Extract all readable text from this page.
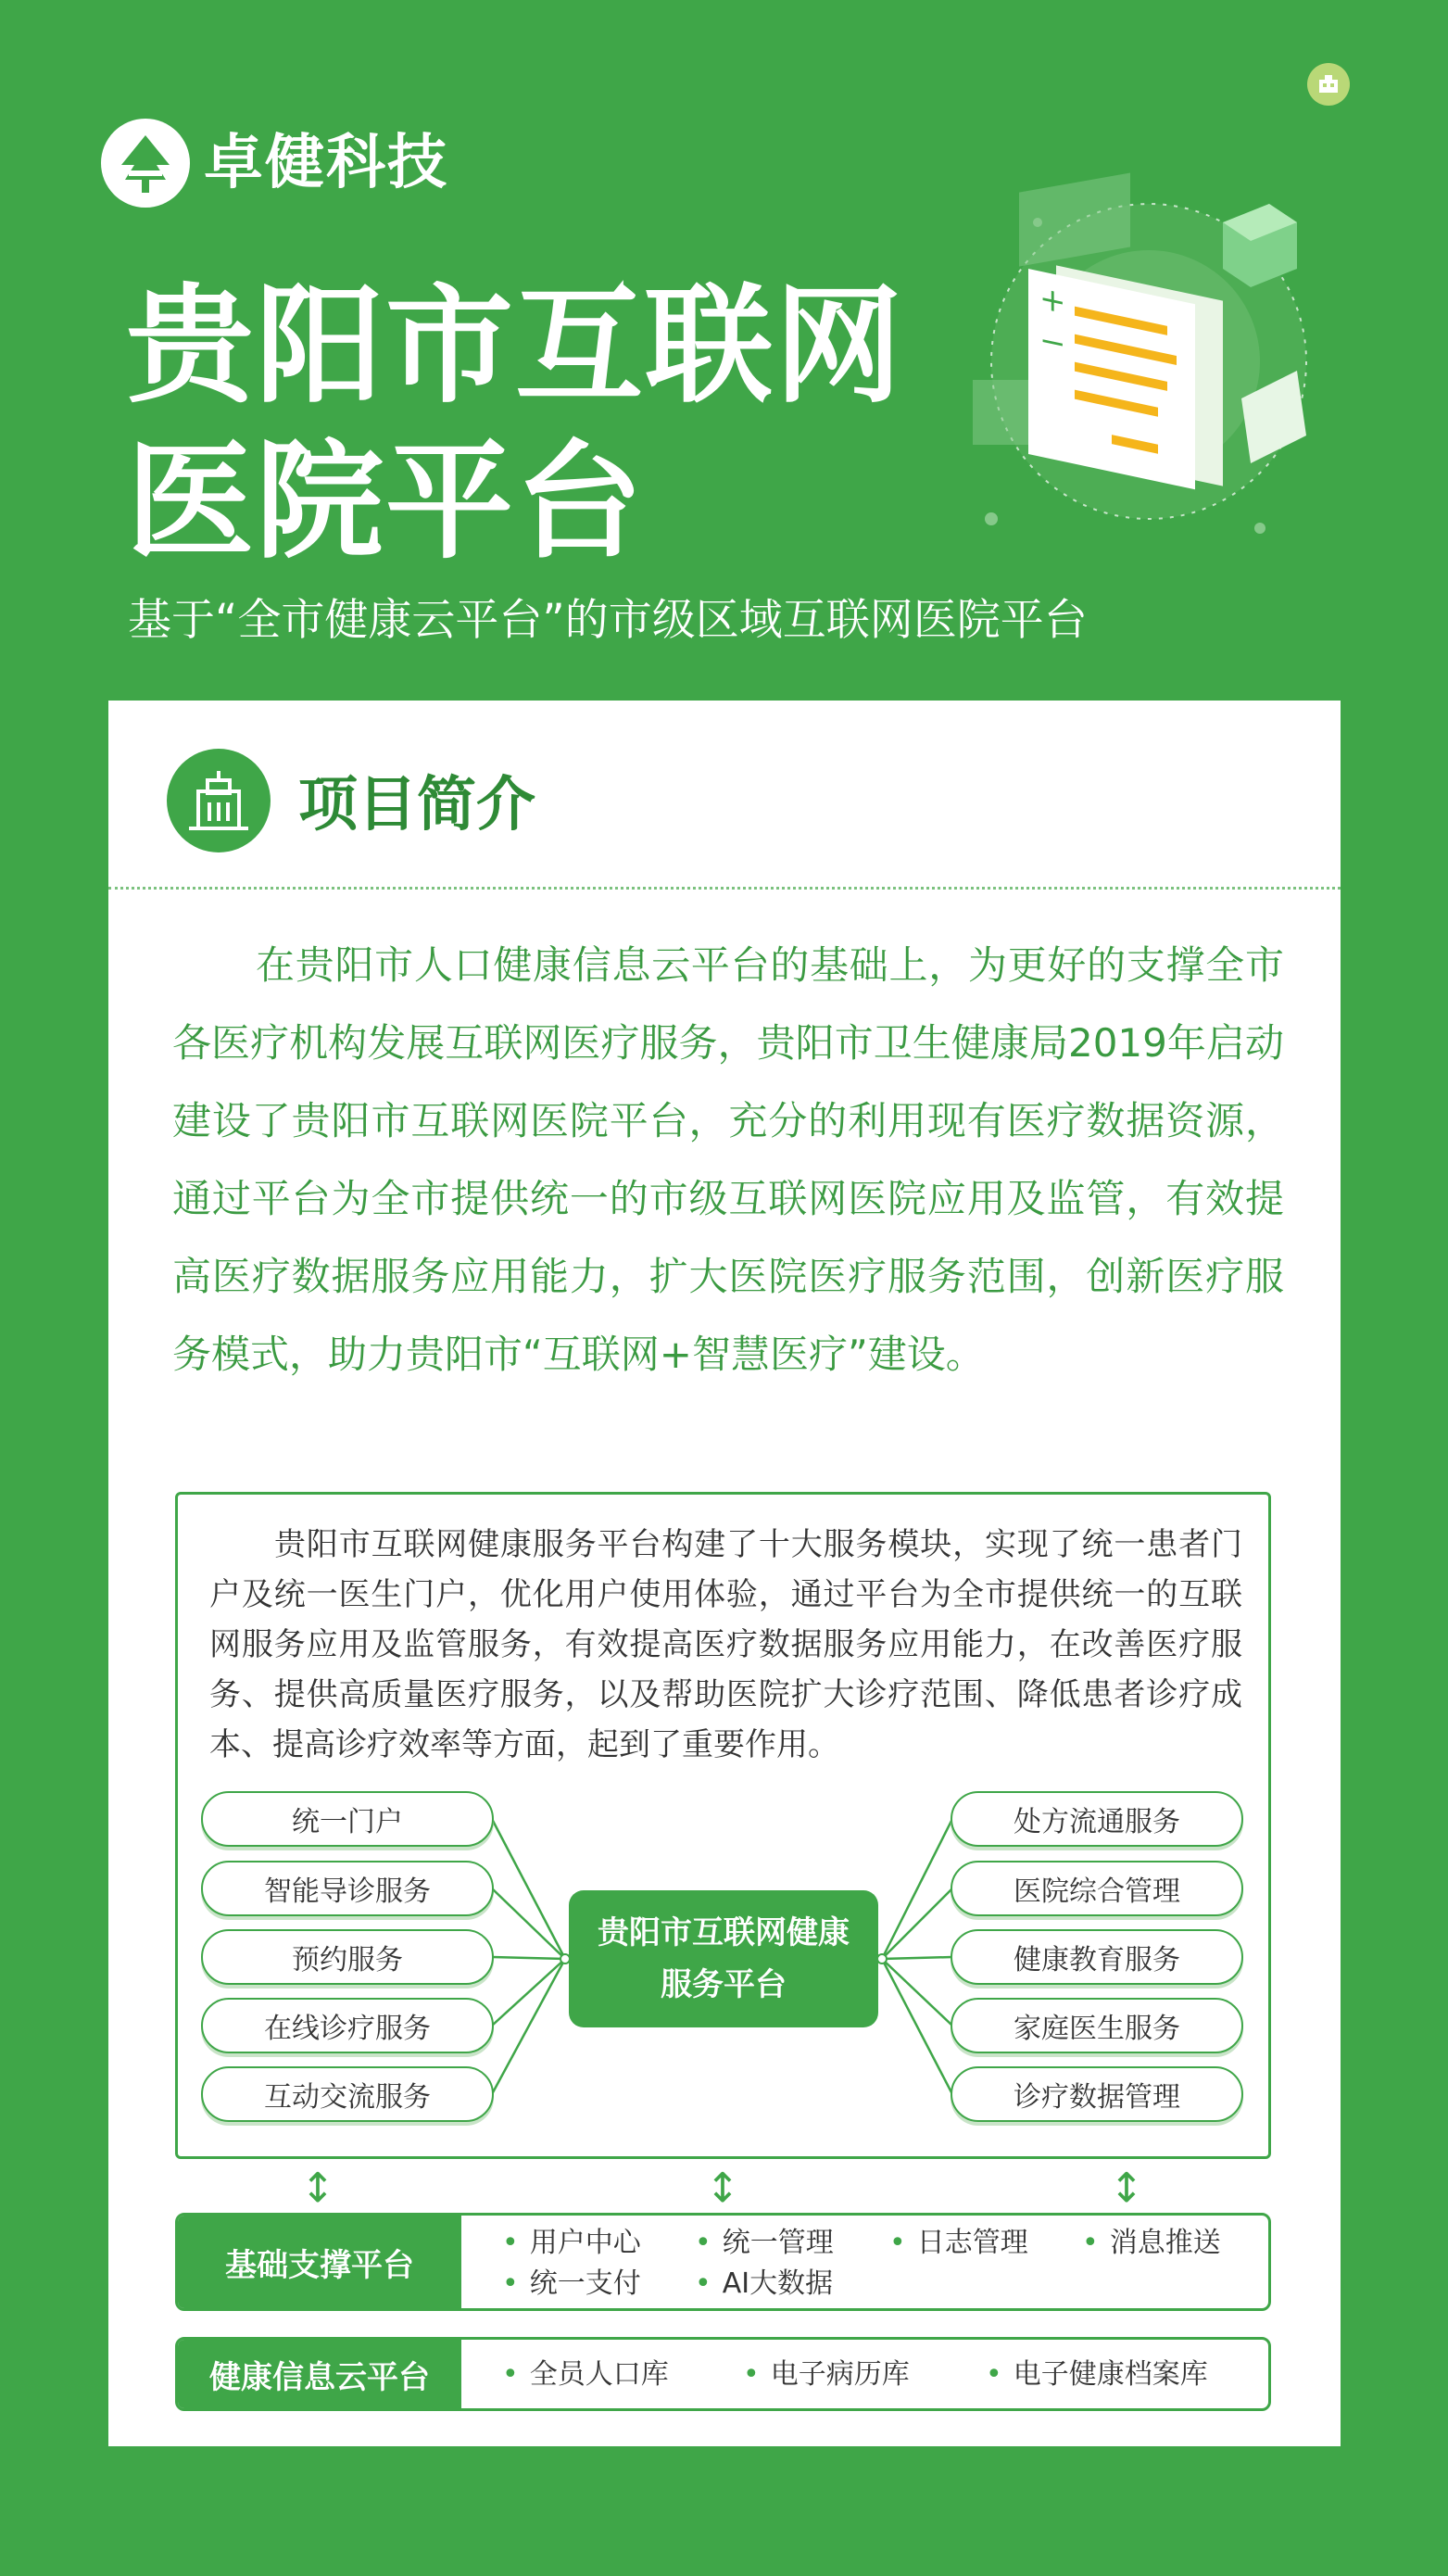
卓健科技
+
−
贵阳市互联网
医院平台
基于“全市健康云平台”的市级区域互联网医院平台
项目简介
在贵阳市人口健康信息云平台的基础上，为更好的支撑全市各医疗机构发展互联网医疗服务，贵阳市卫生健康局2019年启动建设了贵阳市互联网医院平台，充分的利用现有医疗数据资源，通过平台为全市提供统一的市级互联网医院应用及监管，有效提高医疗数据服务应用能力，扩大医院医疗服务范围，创新医疗服务模式，助力贵阳市“互联网+智慧医疗”建设。
贵阳市互联网健康服务平台构建了十大服务模块，实现了统一患者门户及统一医生门户，优化用户使用体验，通过平台为全市提供统一的互联网服务应用及监管服务，有效提高医疗数据服务应用能力，在改善医疗服务、提供高质量医疗服务，以及帮助医院扩大诊疗范围、降低患者诊疗成本、提高诊疗效率等方面，起到了重要作用。
统一门户
智能导诊服务
预约服务
在线诊疗服务
互动交流服务
处方流通服务
医院综合管理
健康教育服务
家庭医生服务
诊疗数据管理
贵阳市互联网健康
服务平台
↕	↕	↕
基础支撑平台
• 用户中心	• 统一管理	• 日志管理	• 消息推送
• 统一支付	• AI大数据
健康信息云平台	• 全员人口库	• 电子病历库	• 电子健康档案库
